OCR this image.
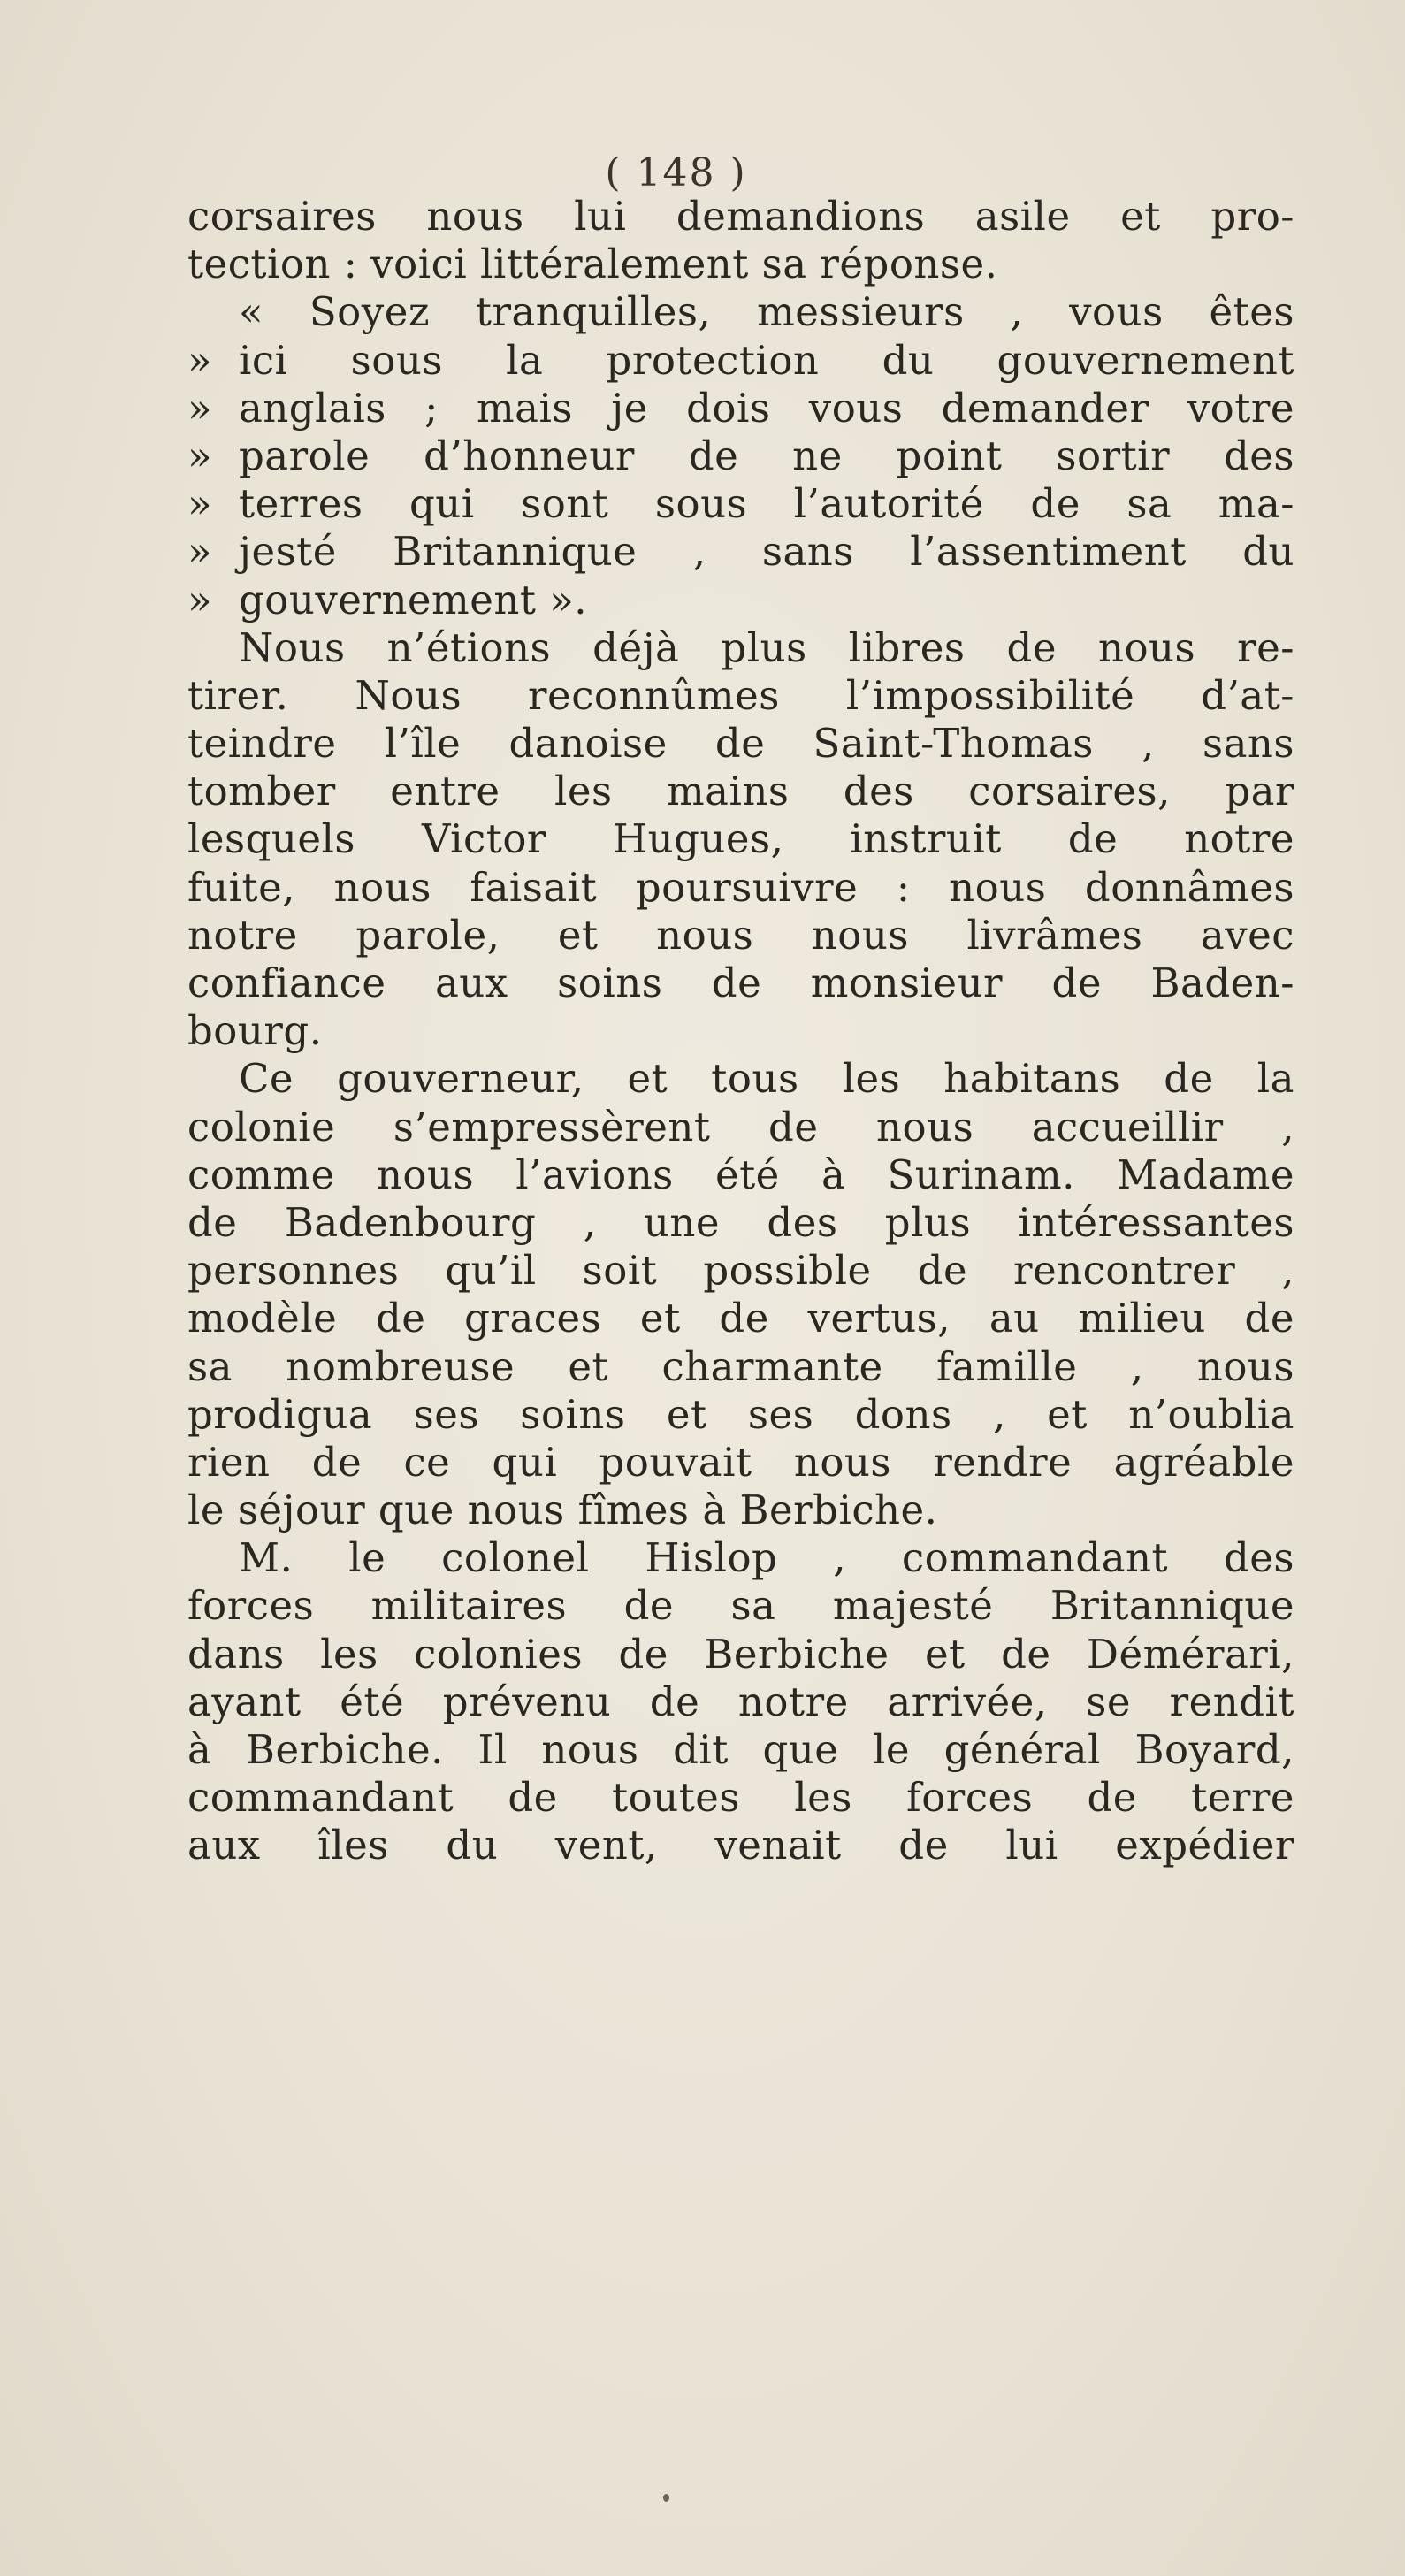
( 148 )
corsaires nous lui demandions asile et pro-
tection : voici littéralement sa réponse.
« Soyez tranquilles, messieurs , vous êtes
» ici sous la protection du gouvernement
» anglais ; mais je dois vous demander votre
» parole d’honneur de ne point sortir des
» terres qui sont sous l’autorité de sa ma-
» jesté Britannique , sans l’assentiment du
» gouvernement ».
Nous n’étions déjà plus libres de nous re-
tirer. Nous reconnûmes l’impossibilité d’at-
teindre l’île danoise de Saint-Thomas , sans
tomber entre les mains des corsaires, par
lesquels Victor Hugues, instruit de notre
fuite, nous faisait poursuivre : nous donnâmes
notre parole, et nous nous livrâmes avec
confiance aux soins de monsieur de Baden-
bourg.
Ce gouverneur, et tous les habitans de la
colonie s’empressèrent de nous accueillir ,
comme nous l’avions été à Surinam. Madame
de Badenbourg , une des plus intéressantes
personnes qu’il soit possible de rencontrer ,
modèle de graces et de vertus, au milieu de
sa nombreuse et charmante famille , nous
prodigua ses soins et ses dons , et n’oublia
rien de ce qui pouvait nous rendre agréable
le séjour que nous fîmes à Berbiche.
M. le colonel Hislop , commandant des
forces militaires de sa majesté Britannique
dans les colonies de Berbiche et de Démérari,
ayant été prévenu de notre arrivée, se rendit
à Berbiche. Il nous dit que le général Boyard,
commandant de toutes les forces de terre
aux îles du vent, venait de lui expédier
